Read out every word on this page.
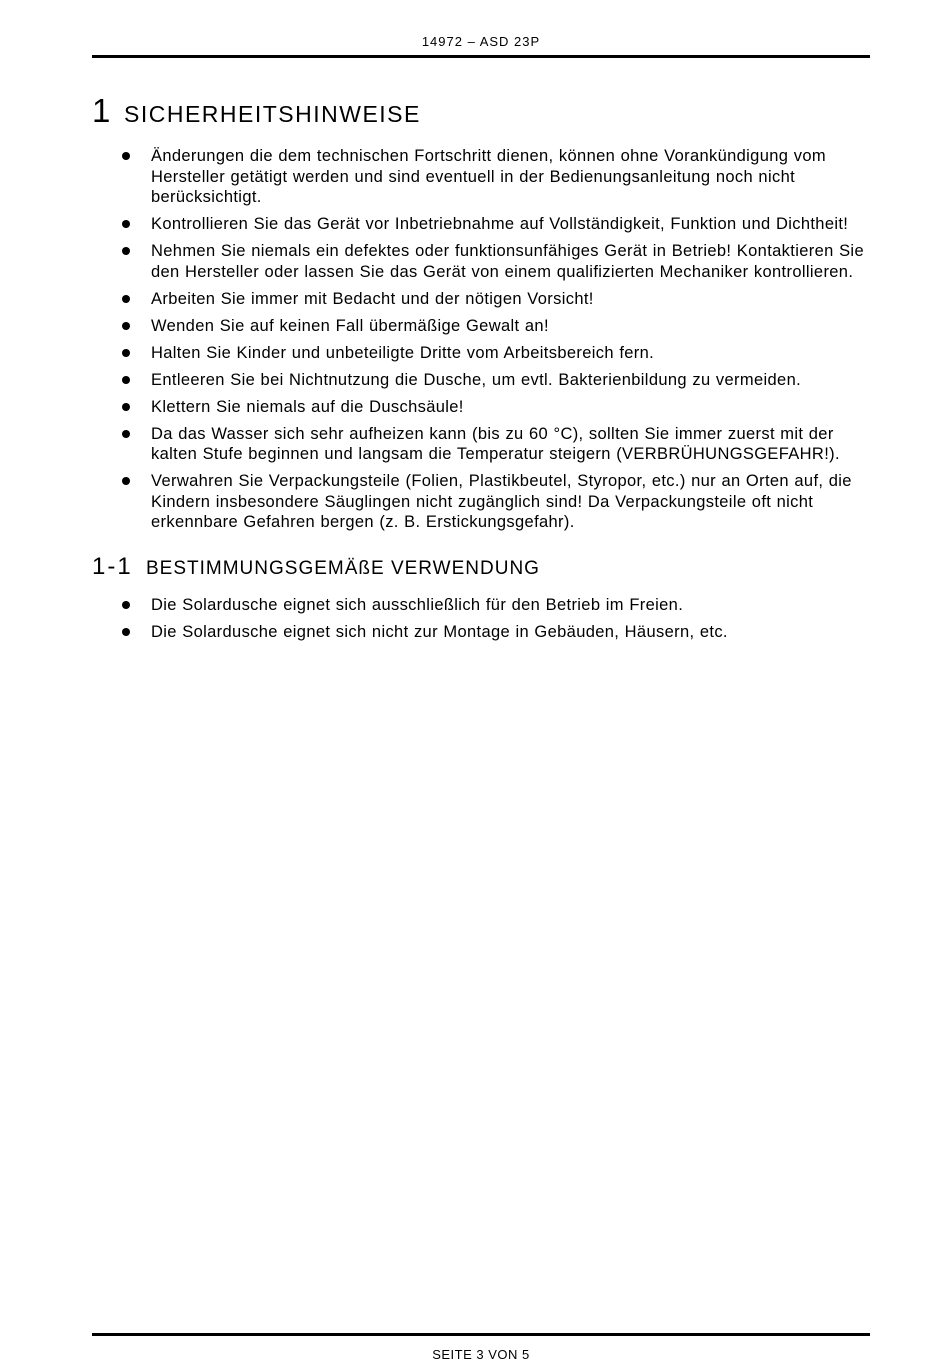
14972 – ASD 23P
1 SICHERHEITSHINWEISE
Änderungen die dem technischen Fortschritt dienen, können ohne Vorankündigung vom Hersteller getätigt werden und sind eventuell in der Bedienungsanleitung noch nicht berücksichtigt.
Kontrollieren Sie das Gerät vor Inbetriebnahme auf Vollständigkeit, Funktion und Dichtheit!
Nehmen Sie niemals ein defektes oder funktionsunfähiges Gerät in Betrieb! Kontaktieren Sie den Hersteller oder lassen Sie das Gerät von einem qualifizierten Mechaniker kontrollieren.
Arbeiten Sie immer mit Bedacht und der nötigen Vorsicht!
Wenden Sie auf keinen Fall übermäßige Gewalt an!
Halten Sie Kinder und unbeteiligte Dritte vom Arbeitsbereich fern.
Entleeren Sie bei Nichtnutzung die Dusche, um evtl. Bakterienbildung zu vermeiden.
Klettern Sie niemals auf die Duschsäule!
Da das Wasser sich sehr aufheizen kann (bis zu 60 °C), sollten Sie immer zuerst mit der kalten Stufe beginnen und langsam die Temperatur steigern (VERBRÜHUNGSGEFAHR!).
Verwahren Sie Verpackungsteile (Folien, Plastikbeutel, Styropor, etc.) nur an Orten auf, die Kindern insbesondere Säuglingen nicht zugänglich sind! Da Verpackungsteile oft nicht erkennbare Gefahren bergen (z. B. Erstickungsgefahr).
1-1 BESTIMMUNGSGEMÄßE VERWENDUNG
Die Solardusche eignet sich ausschließlich für den Betrieb im Freien.
Die Solardusche eignet sich nicht zur Montage in Gebäuden, Häusern, etc.
SEITE 3 VON 5
